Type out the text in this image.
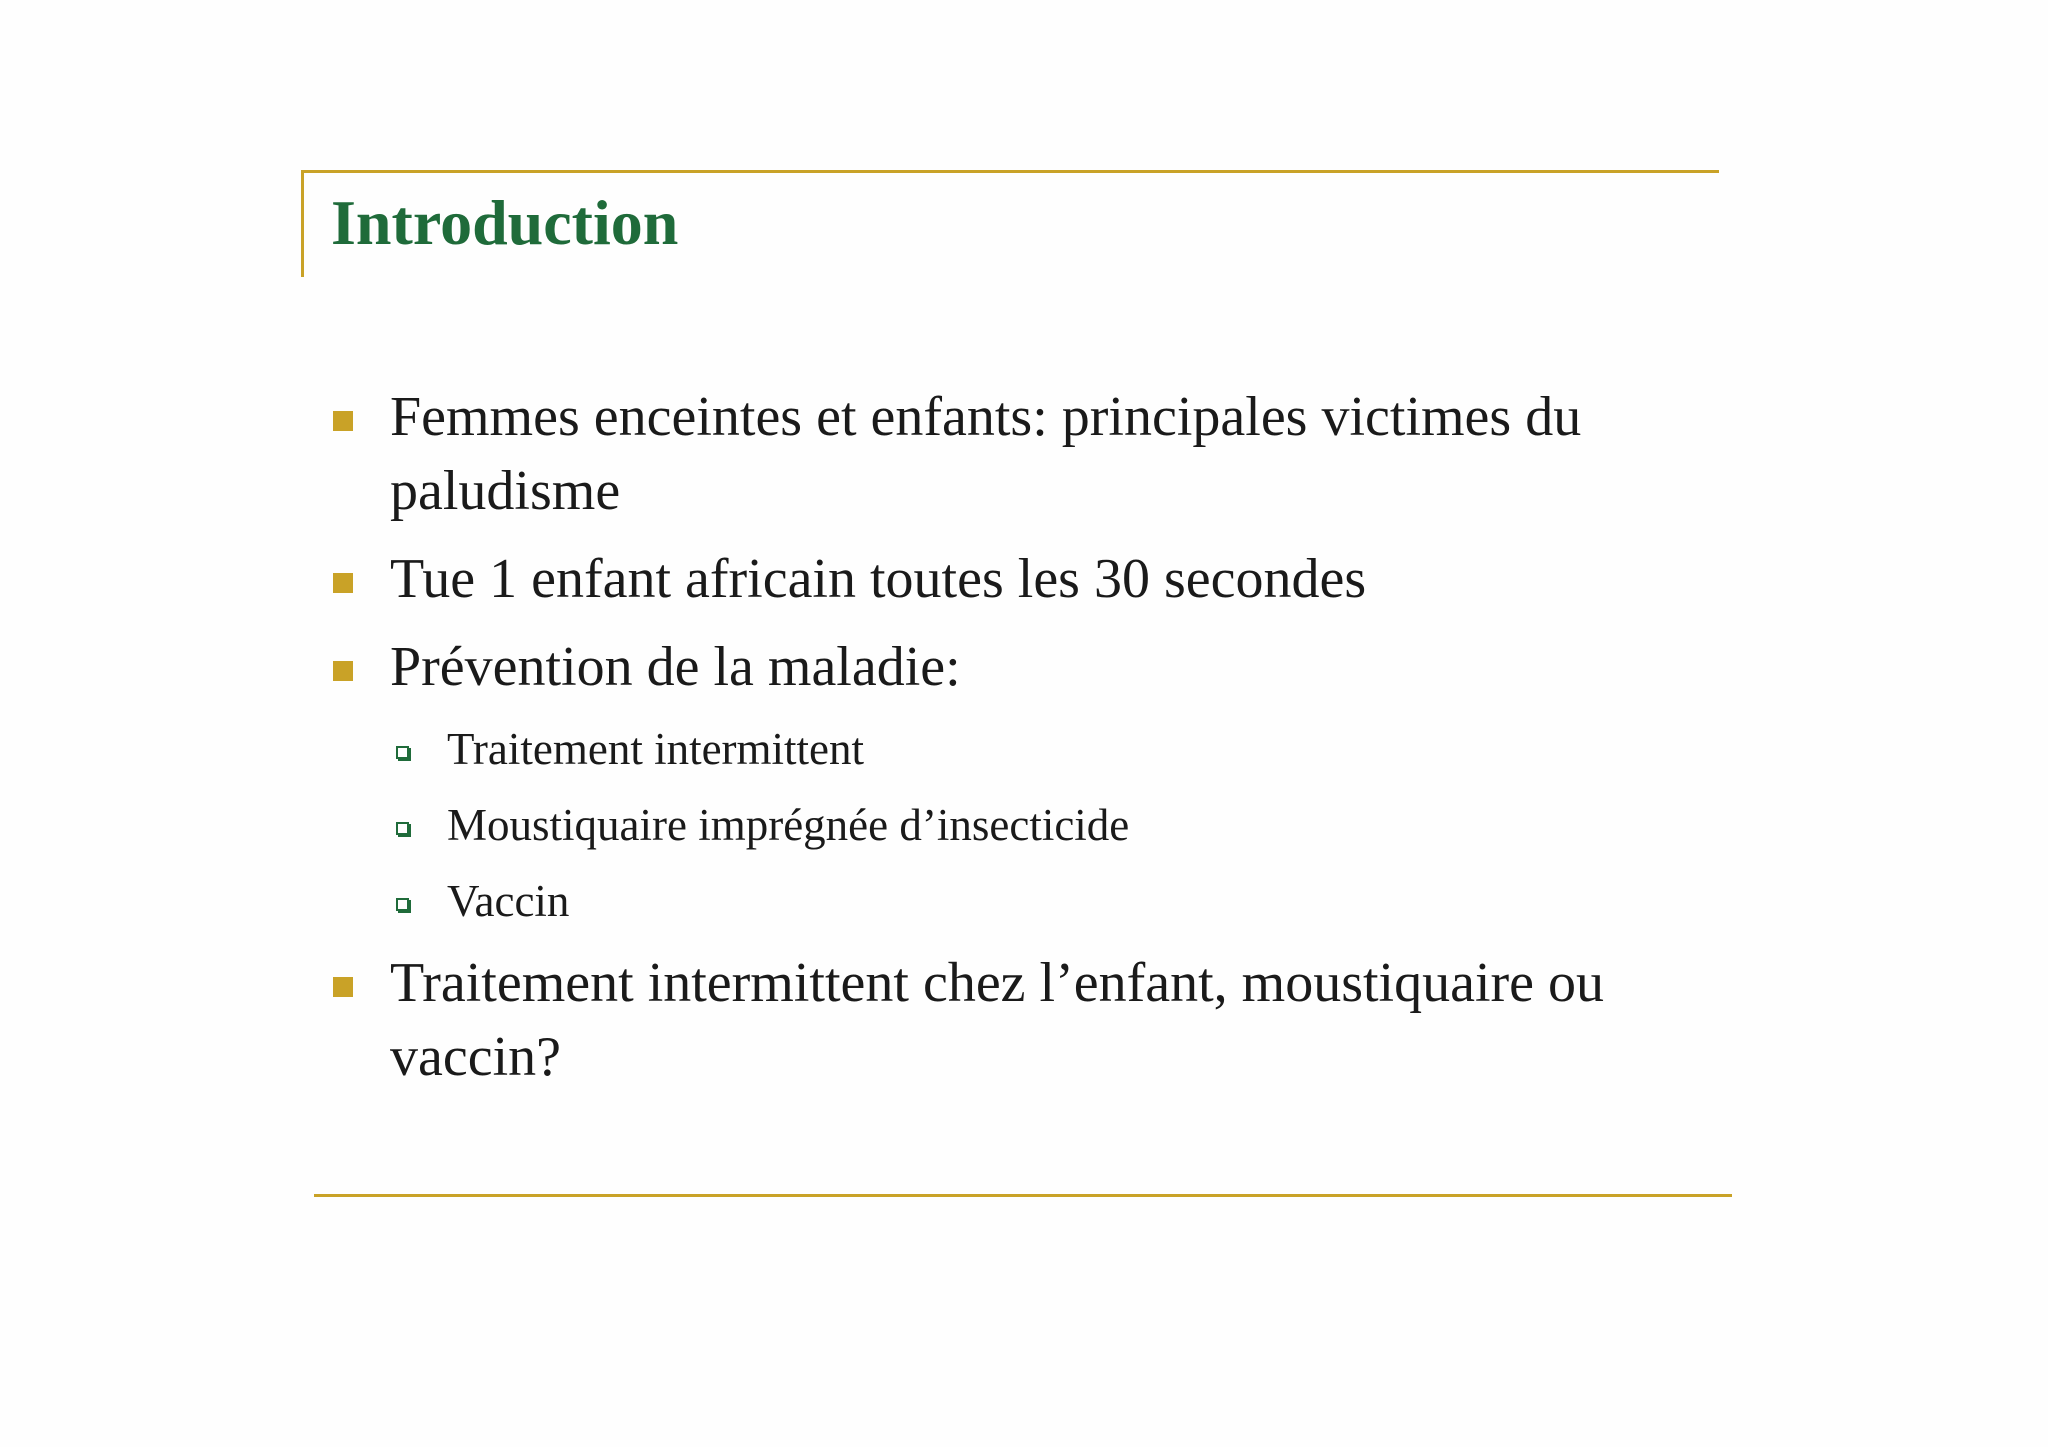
Introduction
Femmes enceintes et enfants: principales victimes du paludisme
Tue 1 enfant africain toutes les 30 secondes
Prévention de la maladie:
Traitement intermittent
Moustiquaire imprégnée d’insecticide
Vaccin
Traitement intermittent chez l’enfant, moustiquaire ou vaccin?
